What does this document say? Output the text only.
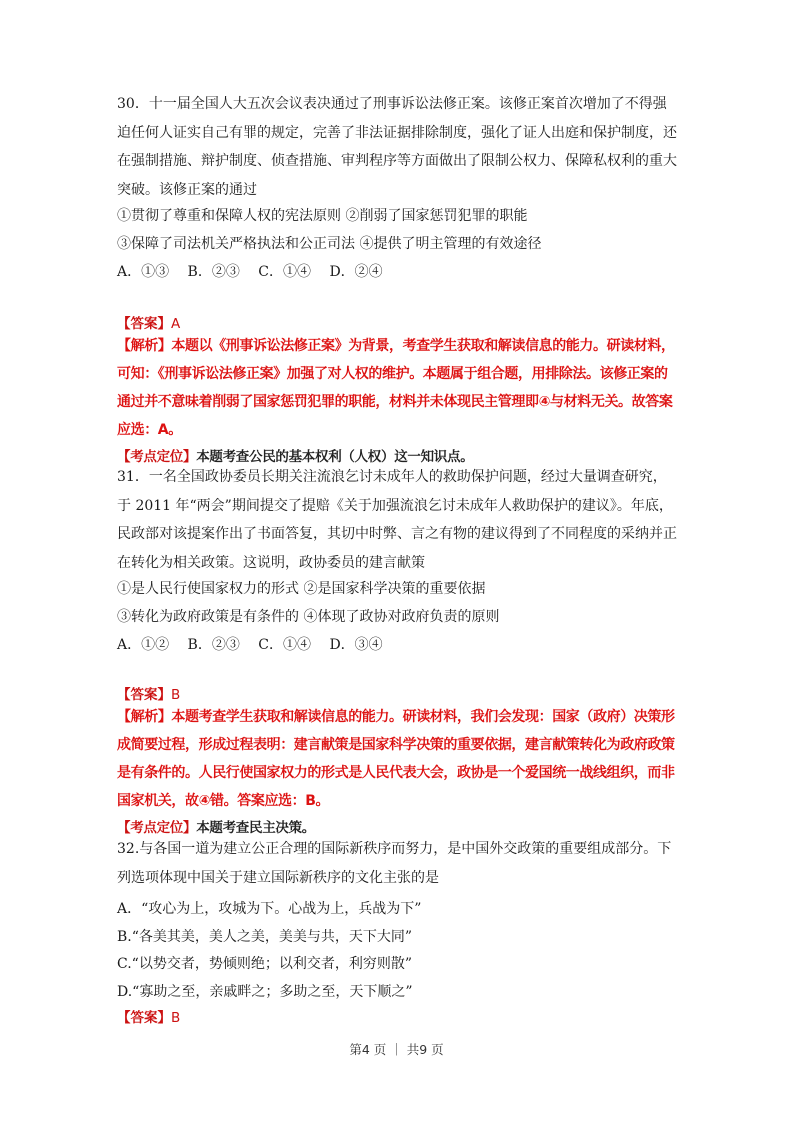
30．十一届全国人大五次会议表决通过了刑事诉讼法修正案。该修正案首次增加了不得强迫任何人证实自己有罪的规定，完善了非法证据排除制度，强化了证人出庭和保护制度，还在强制措施、辩护制度、侦查措施、审判程序等方面做出了限制公权力、保障私权利的重大突破。该修正案的通过
①贯彻了尊重和保障人权的宪法原则 ②削弱了国家惩罚犯罪的职能
③保障了司法机关严格执法和公正司法 ④提供了明主管理的有效途径
A．①③　 B．②③　 C．①④　 D．②④
【答案】A
【解析】本题以《刑事诉讼法修正案》为背景，考查学生获取和解读信息的能力。研读材料，可知：《刑事诉讼法修正案》加强了对人权的维护。本题属于组合题，用排除法。该修正案的通过并不意味着削弱了国家惩罚犯罪的职能，材料并未体现民主管理即④与材料无关。故答案应选：A。
【考点定位】本题考查公民的基本权利（人权）这一知识点。
31．一名全国政协委员长期关注流浪乞讨未成年人的救助保护问题，经过大量调查研究，于 2011 年“两会”期间提交了提赔《关于加强流浪乞讨未成年人救助保护的建议》。年底，民政部对该提案作出了书面答复，其切中时弊、言之有物的建议得到了不同程度的采纳并正在转化为相关政策。这说明，政协委员的建言献策
①是人民行使国家权力的形式 ②是国家科学决策的重要依据
③转化为政府政策是有条件的 ④体现了政协对政府负责的原则
A．①②　 B．②③　 C．①④　 D．③④
【答案】B
【解析】本题考查学生获取和解读信息的能力。研读材料，我们会发现：国家（政府）决策形成简要过程，形成过程表明：建言献策是国家科学决策的重要依据，建言献策转化为政府政策是有条件的。人民行使国家权力的形式是人民代表大会，政协是一个爱国统一战线组织，而非国家机关，故④错。答案应选：B。
【考点定位】本题考查民主决策。
32.与各国一道为建立公正合理的国际新秩序而努力，是中国外交政策的重要组成部分。下列选项体现中国关于建立国际新秩序的文化主张的是
A．“攻心为上，攻城为下。心战为上，兵战为下”
B.“各美其美，美人之美，美美与共，天下大同”
C.“以势交者，势倾则绝；以利交者，利穷则散”
D.“寡助之至，亲戚畔之；多助之至，天下顺之”
【答案】B
第4 页 ｜ 共9 页
